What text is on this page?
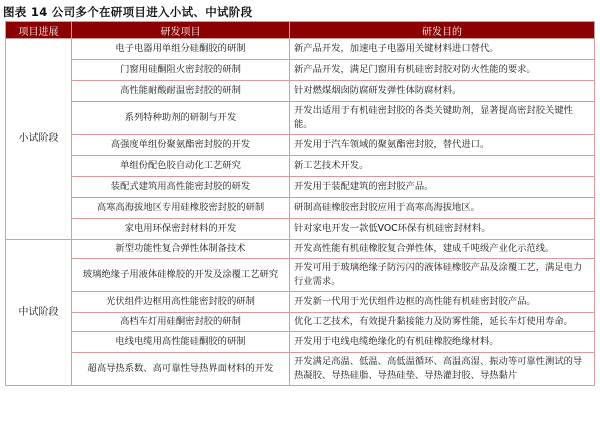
图表 14 公司多个在研项目进入小试、中试阶段
项目进展	研发项目	研发目的
小试阶段	电子电器用单组分硅酮胶的研制	新产品开发，加速电子电器用关键材料进口替代。
	门窗用硅酮阻火密封胶的研制	新产品开发，满足门窗用有机硅密封胶对防火性能的要求。
	高性能耐酸耐温密封胶的研制	针对燃煤烟囱防腐研发弹性体防腐材料。
	系列特种助剂的研制与开发	开发出适用于有机硅密封胶的各类关键助剂，显著提高密封胶关键性能。
	高强度单组份聚氨酯密封胶的开发	开发用于汽车领域的聚氨酯密封胶，替代进口。
	单组份配色胶自动化工艺研究	新工艺技术开发。
	装配式建筑用高性能密封胶的研发	开发用于装配建筑的密封胶产品。
	高寒高海拔地区专用硅橡胶密封胶的研制	研制高硅橡胶密封胶应用于高寒高海拔地区。
	家电用环保密封材料的开发	针对家电开发一款低VOC环保有机硅密封材料。
中试阶段	新型功能性复合弹性体制备技术	开发高性能有机硅橡胶复合弹性体，建成千吨级产业化示范线。
	玻璃绝缘子用液体硅橡胶的开发及涂覆工艺研究	开发可用于玻璃绝缘子防污闪的液体硅橡胶产品及涂覆工艺，满足电力行业需求。
	光伏组件边框用高性能密封胶的研制	开发新一代用于光伏组件边框的高性能有机硅密封胶产品。
	高档车灯用硅酮密封胶的研制	优化工艺技术，有效提升黏接能力及防雾性能，延长车灯使用寿命。
	电线电缆用高性能硅酮胶的研制	开发用于电线电缆绝缘化的有机硅橡胶绝缘材料。
	超高导热系数、高可靠性导热界面材料的开发	开发满足高温、低温、高低温循环、高温高湿、振动等可靠性测试的导热凝胶、导热硅脂、导热硅垫、导热灌封胶、导热黏片
